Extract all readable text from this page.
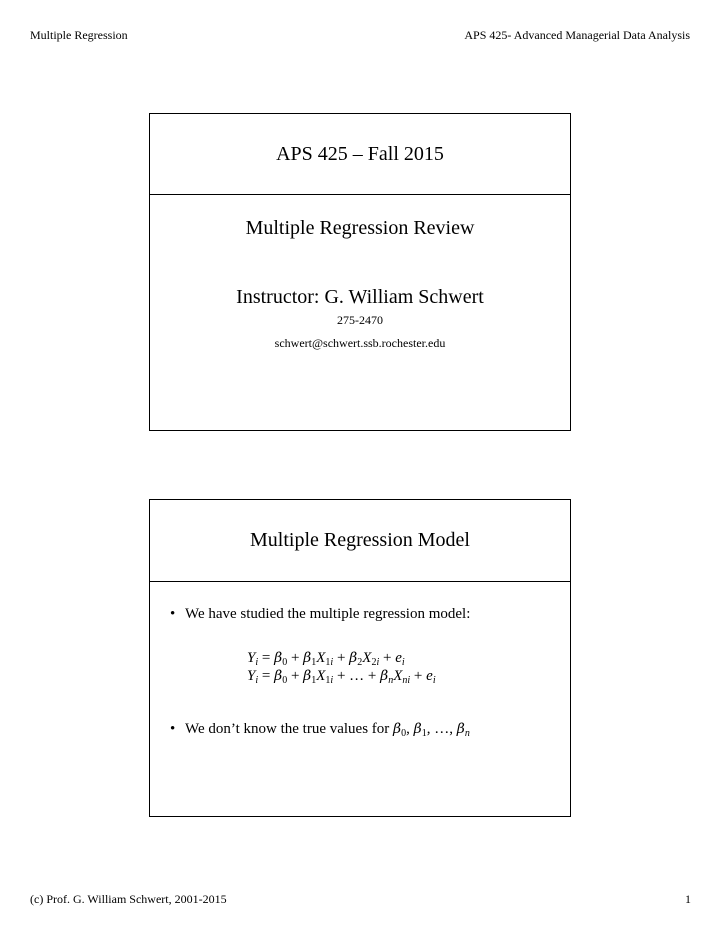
Multiple Regression	APS 425- Advanced Managerial Data Analysis
APS 425 – Fall 2015
Multiple Regression Review
Instructor: G. William Schwert
275-2470
schwert@schwert.ssb.rochester.edu
Multiple Regression Model
• We have studied the multiple regression model:
$Y_i = \beta_0 + \beta_1X_{1i} + \beta_2X_{2i} + e_i$
$Y_i = \beta_0 + \beta_1X_{1i}$ + … + $\beta_nX_{ni} + e_i$
• We don’t know the true values for $\beta_0$, $\beta_1$, …, $\beta_n$
(c) Prof. G. William Schwert, 2001-2015	1
